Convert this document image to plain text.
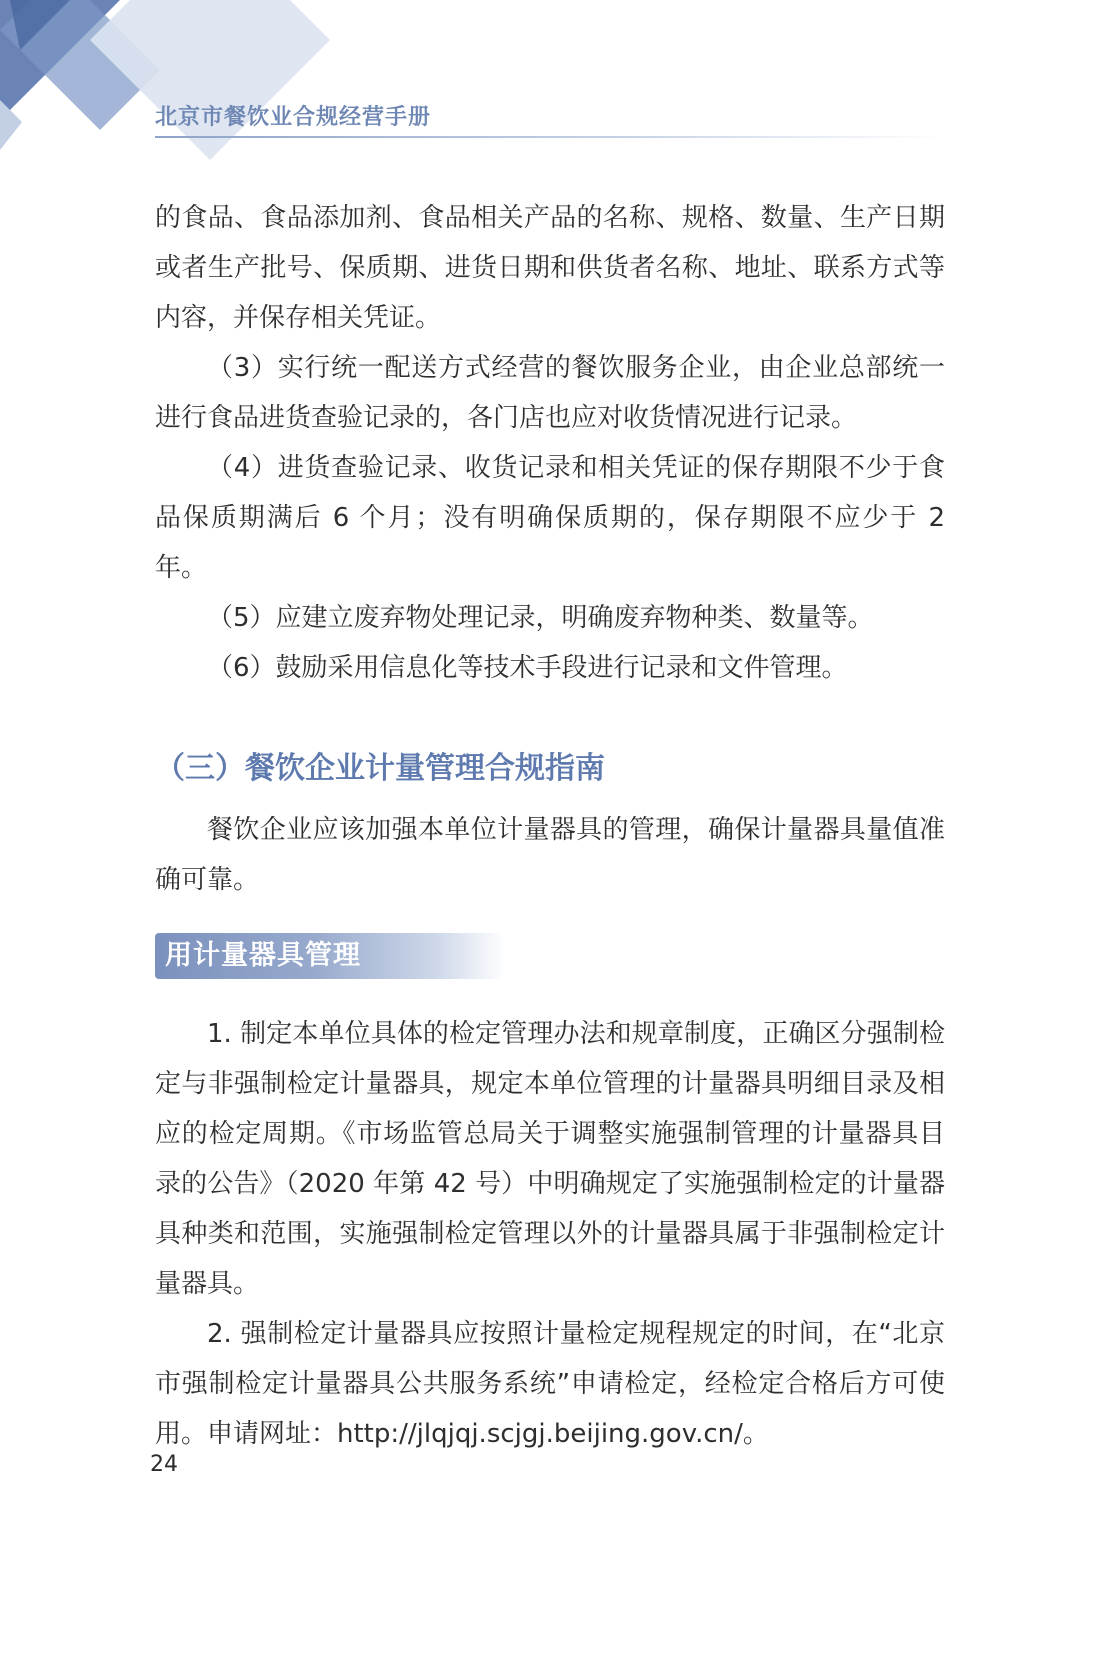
北京市餐饮业合规经营手册

的食品、食品添加剂、食品相关产品的名称、规格、数量、生产日期或者生产批号、保质期、进货日期和供货者名称、地址、联系方式等内容，并保存相关凭证。

（3）实行统一配送方式经营的餐饮服务企业，由企业总部统一进行食品进货查验记录的，各门店也应对收货情况进行记录。

（4）进货查验记录、收货记录和相关凭证的保存期限不少于食品保质期满后 6 个月；没有明确保质期的，保存期限不应少于 2 年。

（5）应建立废弃物处理记录，明确废弃物种类、数量等。

（6）鼓励采用信息化等技术手段进行记录和文件管理。

（三）餐饮企业计量管理合规指南

餐饮企业应该加强本单位计量器具的管理，确保计量器具量值准确可靠。

用计量器具管理

1. 制定本单位具体的检定管理办法和规章制度，正确区分强制检定与非强制检定计量器具，规定本单位管理的计量器具明细目录及相应的检定周期。《市场监管总局关于调整实施强制管理的计量器具目录的公告》（2020 年第 42 号）中明确规定了实施强制检定的计量器具种类和范围，实施强制检定管理以外的计量器具属于非强制检定计量器具。

2. 强制检定计量器具应按照计量检定规程规定的时间，在“北京市强制检定计量器具公共服务系统”申请检定，经检定合格后方可使用。申请网址：http://jlqjqj.scjgj.beijing.gov.cn/。

24
